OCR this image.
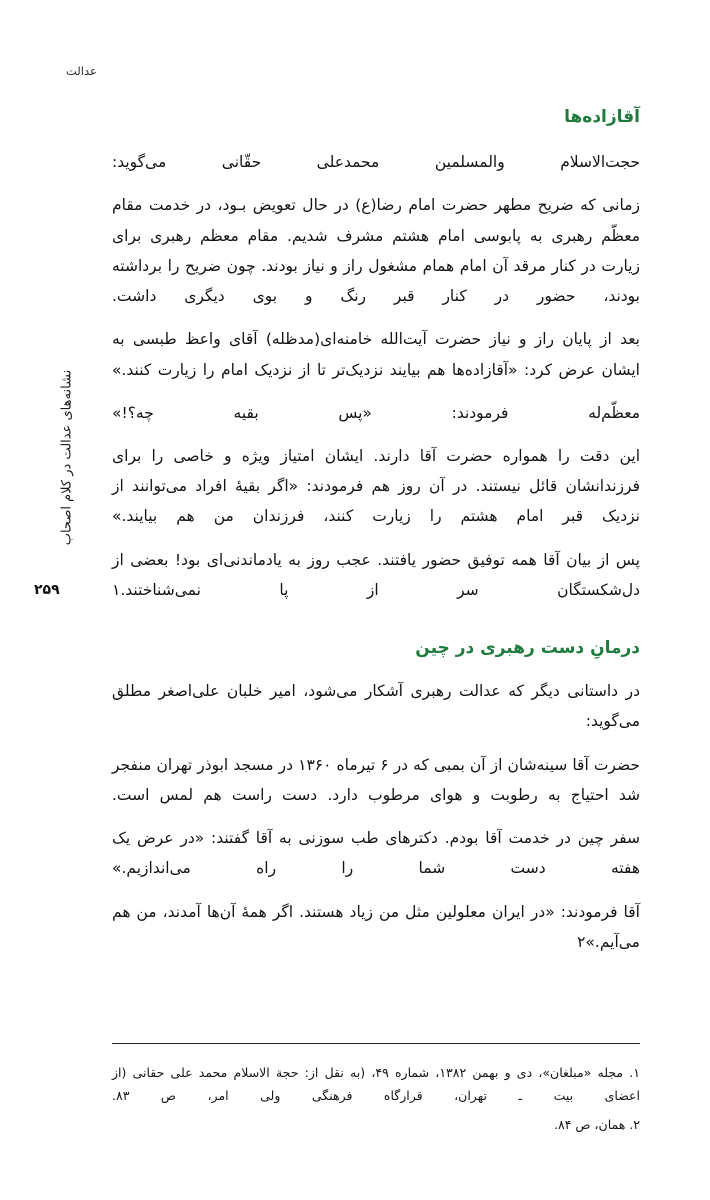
عدالت
نشانه‌های عدالت در کلام اصحاب
۲۵۹
آقازاده‌ها

حجت‌الاسلام والمسلمین محمدعلی حقّانی می‌گوید:

زمانی که ضریح مطهر حضرت امام رضا(ع) در حال تعویض بـود، در خدمت مقام معظّم رهبری به پابوسی امام هشتم مشرف شدیم. مقام معظم رهبری برای زیارت در کنار مرقد آن امام همام مشغول راز و نیاز بودند. چون ضریح را برداشته بودند، حضور در کنار قبر رنگ و بوی دیگری داشت.

بعد از پایان راز و نیاز حضرت آیت‌الله خامنه‌ای(مدظله) آقای واعظ طبسی به ایشان عرض کرد: «آقازاده‌ها هم بیایند نزدیک‌تر تا از نزدیک امام را زیارت کنند.»

معظّم‌له فرمودند: «پس بقیه چه؟!»

این دقت را همواره حضرت آقا دارند. ایشان امتیاز ویژه و خاصی را برای فرزندانشان قائل نیستند. در آن روز هم فرمودند: «اگر بقیهٔ افراد می‌توانند از نزدیک قبر امام هشتم را زیارت کنند، فرزندان من هم بیایند.»

پس از بیان آقا همه توفیق حضور یافتند. عجب روز به یادماندنی‌ای بود! بعضی از دل‌شکستگان سر از پا نمی‌شناختند.۱

درمانِ دست رهبری در چین

در داستانی دیگر که عدالت رهبری آشکار می‌شود، امیر خلبان علی‌اصغر مطلق می‌گوید:

حضرت آقا سینه‌شان از آن بمبی که در ۶ تیرماه ۱۳۶۰ در مسجد ابوذر تهران منفجر شد احتیاج به رطوبت و هوای مرطوب دارد. دست راست هم لمس است.

سفر چین در خدمت آقا بودم. دکترهای طب سوزنی به آقا گفتند: «در عرض یک هفته دست شما را راه می‌اندازیم.»

آقا فرمودند: «در ایران معلولین مثل من زیاد هستند. اگر همهٔ آن‌ها آمدند، من هم می‌آیم.»۲

۱. مجله «مبلغان»، دی و بهمن ۱۳۸۲، شماره ۴۹، (به نقل از: حجة الاسلام محمد علی حقانی (از اعضای بیت ـ تهران، قرارگاه فرهنگی ولی امر، ص ۸۳.

۲. همان، ص ۸۴.
